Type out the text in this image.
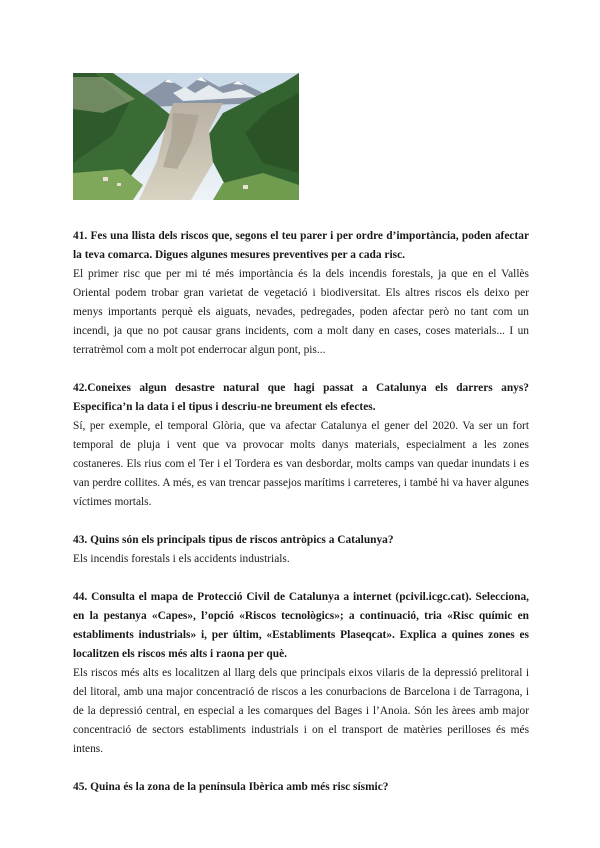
41. Fes una llista dels riscos que, segons el teu parer i per ordre d’importància, poden afectar la teva comarca. Digues algunes mesures preventives per a cada risc.

El primer risc que per mi té més importància és la dels incendis forestals, ja que en el Vallès Oriental podem trobar gran varietat de vegetació i biodiversitat. Els altres riscos els deixo per menys importants perquè els aiguats, nevades, pedregades, poden afectar però no tant com un incendi, ja que no pot causar grans incidents, com a molt dany en cases, coses materials... I un terratrèmol com a molt pot enderrocar algun pont, pis...

42.Coneixes algun desastre natural que hagi passat a Catalunya els darrers anys? Especifica’n la data i el tipus i descriu-ne breument els efectes.

Sí, per exemple, el temporal Glòria, que va afectar Catalunya el gener del 2020. Va ser un fort temporal de pluja i vent que va provocar molts danys materials, especialment a les zones costaneres. Els rius com el Ter i el Tordera es van desbordar, molts camps van quedar inundats i es van perdre collites. A més, es van trencar passejos marítims i carreteres, i també hi va haver algunes víctimes mortals.

43. Quins són els principals tipus de riscos antròpics a Catalunya?

Els incendis forestals i els accidents industrials.

44. Consulta el mapa de Protecció Civil de Catalunya a internet (pcivil.icgc.cat). Selecciona, en la pestanya «Capes», l’opció «Riscos tecnològics»; a continuació, tria «Risc químic en establiments industrials» i, per últim, «Establiments Plaseqcat». Explica a quines zones es localitzen els riscos més alts i raona per què.

Els riscos més alts es localitzen al llarg dels que principals eixos vilaris de la depressió prelitoral i del litoral, amb una major concentració de riscos a les conurbacions de Barcelona i de Tarragona, i de la depressió central, en especial a les comarques del Bages i l’Anoia. Són les àrees amb major concentració de sectors establiments industrials i on el transport de matèries perilloses és més intens.

45. Quina és la zona de la península Ibèrica amb més risc sísmic?
